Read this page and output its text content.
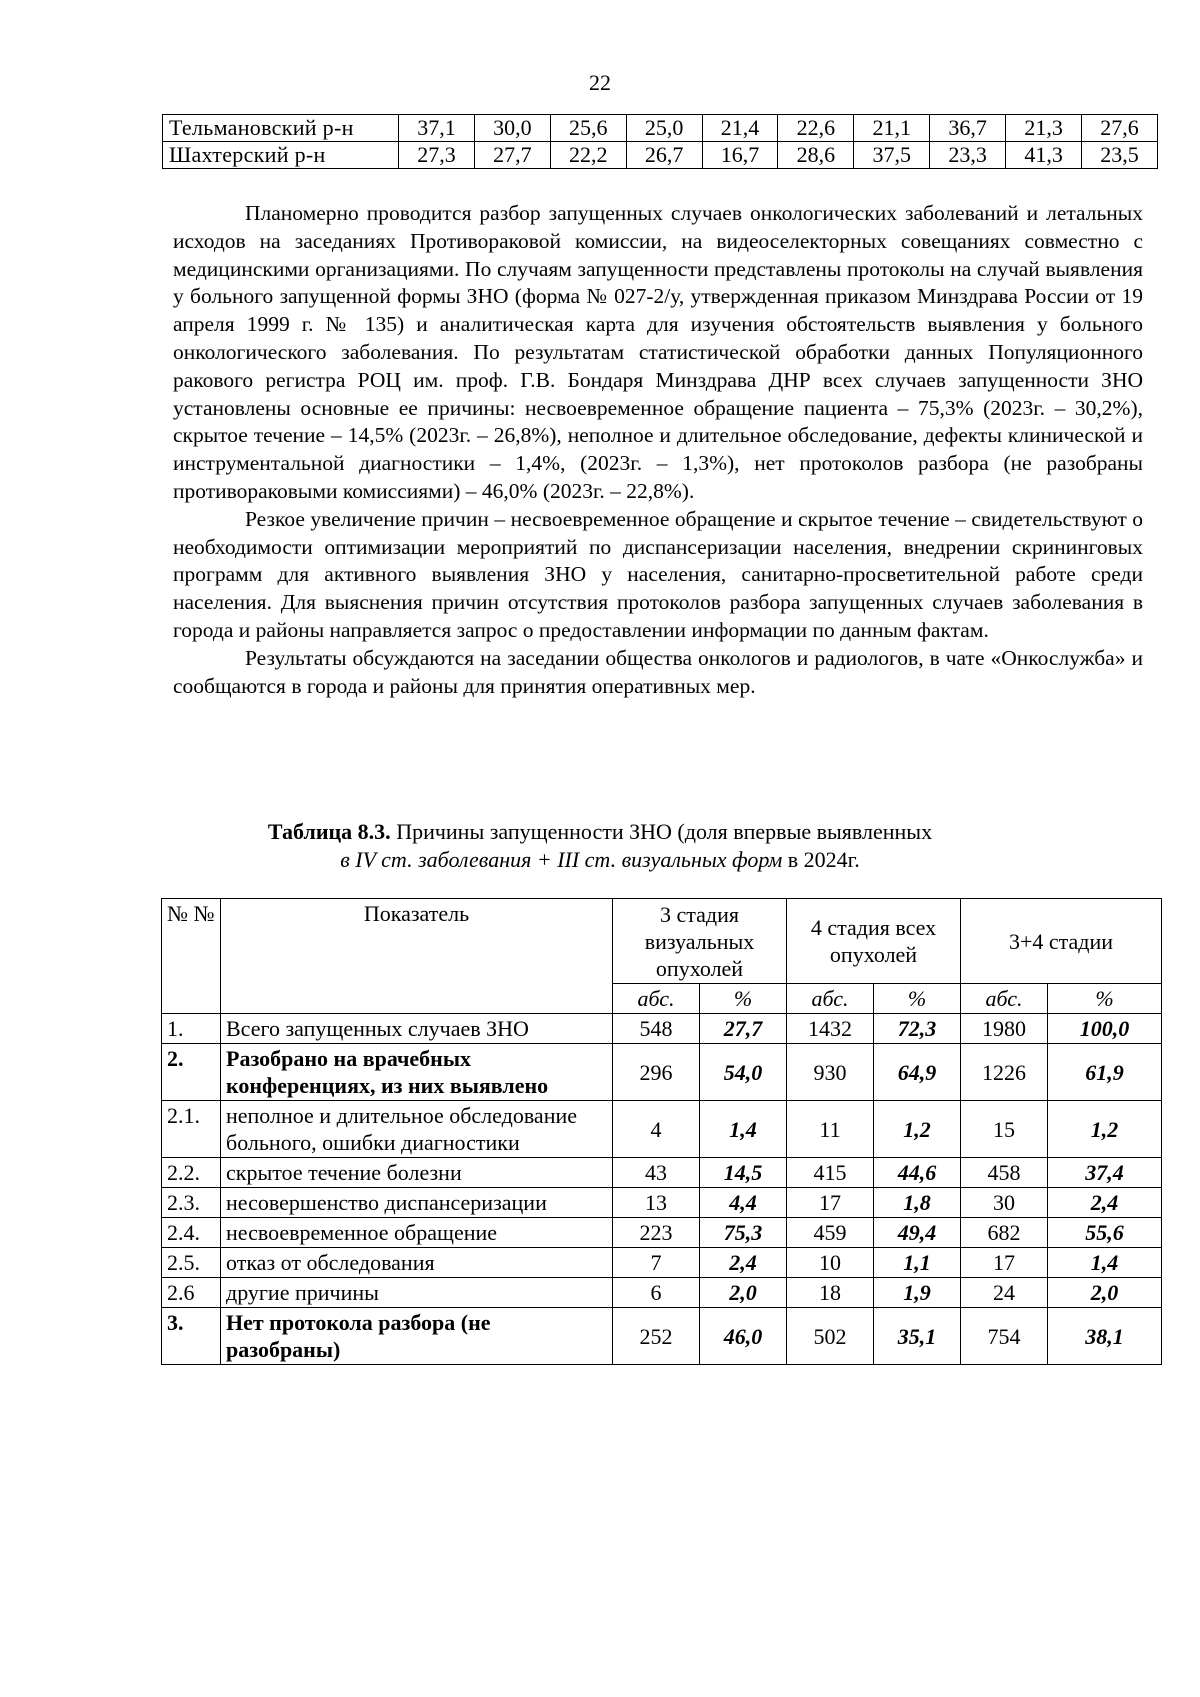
22
Тельмановский р-н	37,1	30,0	25,6	25,0	21,4	22,6	21,1	36,7	21,3	27,6
Шахтерский р-н	27,3	27,7	22,2	26,7	16,7	28,6	37,5	23,3	41,3	23,5

Планомерно проводится разбор запущенных случаев онкологических заболеваний и летальных исходов на заседаниях Противораковой комиссии, на видеоселекторных совещаниях совместно с медицинскими организациями. По случаям запущенности представлены протоколы на случай выявления у больного запущенной формы ЗНО (форма № 027-2/у, утвержденная приказом Минздрава России от 19 апреля 1999 г. № 135) и аналитическая карта для изучения обстоятельств выявления у больного онкологического заболевания. По результатам статистической обработки данных Популяционного ракового регистра РОЦ им. проф. Г.В. Бондаря Минздрава ДНР всех случаев запущенности ЗНО установлены основные ее причины: несвоевременное обращение пациента – 75,3% (2023г. – 30,2%), скрытое течение – 14,5% (2023г. – 26,8%), неполное и длительное обследование, дефекты клинической и инструментальной диагностики – 1,4%, (2023г. – 1,3%), нет протоколов разбора (не разобраны противораковыми комиссиями) – 46,0% (2023г. – 22,8%).

Резкое увеличение причин – несвоевременное обращение и скрытое течение – свидетельствуют о необходимости оптимизации мероприятий по диспансеризации населения, внедрении скрининговых программ для активного выявления ЗНО у населения, санитарно-просветительной работе среди населения. Для выяснения причин отсутствия протоколов разбора запущенных случаев заболевания в города и районы направляется запрос о предоставлении информации по данным фактам.

Результаты обсуждаются на заседании общества онкологов и радиологов, в чате «Онкослужба» и сообщаются в города и районы для принятия оперативных мер.

Таблица 8.3. Причины запущенности ЗНО (доля впервые выявленных
в IV ст. заболевания + III ст. визуальных форм в 2024г.
№ №	Показатель	3 стадия визуальных опухолей		4 стадия всех опухолей		3+4 стадии	
		абс.	%	абс.	%	абс.	%
1.	Всего запущенных случаев ЗНО	548	27,7	1432	72,3	1980	100,0
2.	Разобрано на врачебных конференциях, из них выявлено	296	54,0	930	64,9	1226	61,9
2.1.	неполное и длительное обследование больного, ошибки диагностики	4	1,4	11	1,2	15	1,2
2.2.	скрытое течение болезни	43	14,5	415	44,6	458	37,4
2.3.	несовершенство диспансеризации	13	4,4	17	1,8	30	2,4
2.4.	несвоевременное обращение	223	75,3	459	49,4	682	55,6
2.5.	отказ от обследования	7	2,4	10	1,1	17	1,4
2.6	другие причины	6	2,0	18	1,9	24	2,0
3.	Нет протокола разбора (не разобраны)	252	46,0	502	35,1	754	38,1
